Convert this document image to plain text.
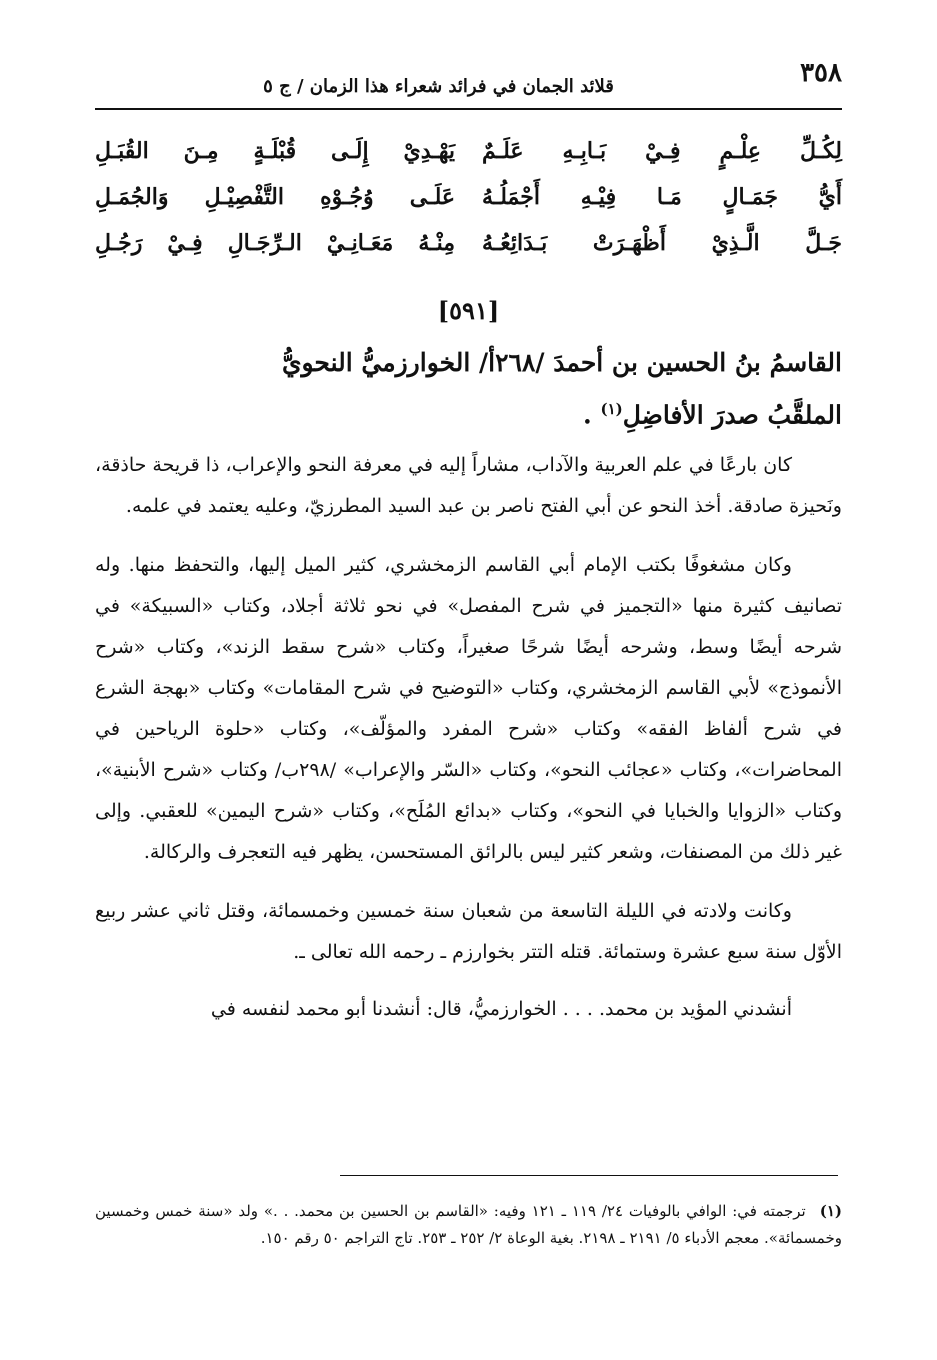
٣٥٨
قلائد الجمان في فرائد شعراء هذا الزمان / ج ٥
لِكُـلِّ عِلْـمٍ فِـيْ بَـابِـهِ عَلَـمٌ
يَهْـدِيْ إِلَـى قُبْلَـةٍ مِـنَ القُبَـلِ
أَيُّ جَمَـالٍ مَـا فِيْـهِ أَجْمَلُـهُ
عَلَـى وُجُـوْهِ التَّفْصِيْـلِ وَالجُمَـلِ
جَـلَّ الَّـذِيْ أَظْهَـرَتْ بَـدَائِعُـهُ
مِنْـهُ مَعَـانِـيْ الـرِّجَـالِ فِـيْ رَجُـلِ
[٥٩١]

القاسمُ بنُ الحسين بن أحمدَ /٢٦٨أ/ الخوارزميُّ النحويُّ

الملقَّبُ صدرَ الأفاضِلِ$^{(١)}$ .

كان بارعًا في علم العربية والآداب، مشاراً إليه في معرفة النحو والإعراب، ذا قريحة حاذقة، ونَحيزة صادقة. أخذ النحو عن أبي الفتح ناصر بن عبد السيد المطرزيّ، وعليه يعتمد في علمه.

وكان مشغوفًا بكتب الإمام أبي القاسم الزمخشري، كثير الميل إليها، والتحفظ منها. وله تصانيف كثيرة منها «التجميز في شرح المفصل» في نحو ثلاثة أجلاد، وكتاب «السبيكة» في شرحه أيضًا وسط، وشرحه أيضًا شرحًا صغيراً، وكتاب «شرح سقط الزند»، وكتاب «شرح الأنموذج» لأبي القاسم الزمخشري، وكتاب «التوضيح في شرح المقامات» وكتاب «بهجة الشرع في شرح ألفاظ الفقه» وكتاب «شرح المفرد والمؤلّف»، وكتاب «حلوة الرياحين في المحاضرات»، وكتاب «عجائب النحو»، وكتاب «السّر والإعراب» /٢٩٨ب/ وكتاب «شرح الأبنية»، وكتاب «الزوايا والخبايا في النحو»، وكتاب «بدائع المُلَح»، وكتاب «شرح اليمين» للعقبي. وإلى غير ذلك من المصنفات، وشعر كثير ليس بالرائق المستحسن، يظهر فيه التعجرف والركالة.

وكانت ولادته في الليلة التاسعة من شعبان سنة خمسين وخمسمائة، وقتل ثاني عشر ربيع الأوّل سنة سبع عشرة وستمائة. قتله التتر بخوارزم ـ رحمه الله تعالى ـ.

أنشدني المؤيد بن محمد. . . . الخوارزميُّ، قال: أنشدنا أبو محمد لنفسه في

(١)ترجمته في: الوافي بالوفيات ٢٤/ ١١٩ ـ ١٢١ وفيه: «القاسم بن الحسين بن محمد. . .» ولد «سنة خمس وخمسين وخمسمائة». معجم الأدباء ٥/ ٢١٩١ ـ ٢١٩٨. بغية الوعاة ٢/ ٢٥٢ ـ ٢٥٣. تاج التراجم ٥٠ رقم ١٥٠.
